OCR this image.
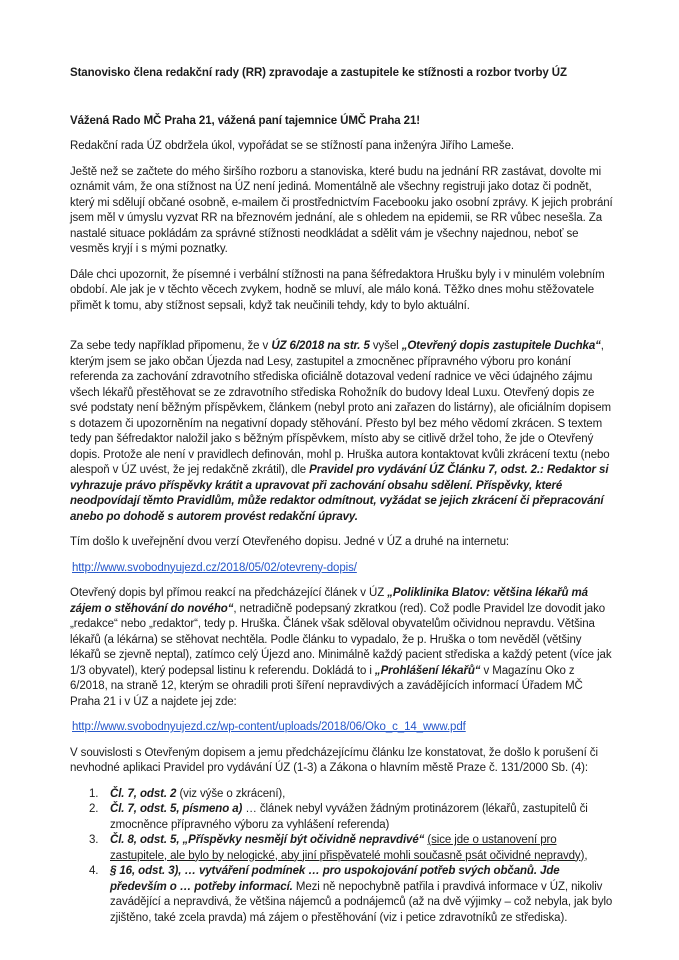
Stanovisko člena redakční rady (RR) zpravodaje a zastupitele ke stížnosti a rozbor tvorby ÚZ

Vážená Rado MČ Praha 21, vážená paní tajemnice ÚMČ Praha 21!

Redakční rada ÚZ obdržela úkol, vypořádat se se stížností pana inženýra Jiřího Lameše.

Ještě než se začtete do mého širšího rozboru a stanoviska, které budu na jednání RR zastávat, dovolte mi oznámit vám, že ona stížnost na ÚZ není jediná. Momentálně ale všechny registruji jako dotaz či podnět, který mi sdělují občané osobně, e-mailem či prostřednictvím Facebooku jako osobní zprávy. K jejich probrání jsem měl v úmyslu vyzvat RR na březnovém jednání, ale s ohledem na epidemii, se RR vůbec nesešla. Za nastalé situace pokládám za správné stížnosti neodkládat a sdělit vám je všechny najednou, neboť se vesměs kryjí i s mými poznatky.

Dále chci upozornit, že písemné i verbální stížnosti na pana šéfredaktora Hrušku byly i v minulém volebním období. Ale jak je v těchto věcech zvykem, hodně se mluví, ale málo koná. Těžko dnes mohu stěžovatele přimět k tomu, aby stížnost sepsali, když tak neučinili tehdy, kdy to bylo aktuální.

Za sebe tedy například připomenu, že v ÚZ 6/2018 na str. 5 vyšel „Otevřený dopis zastupitele Duchka“, kterým jsem se jako občan Újezda nad Lesy, zastupitel a zmocněnec přípravného výboru pro konání referenda za zachování zdravotního střediska oficiálně dotazoval vedení radnice ve věci údajného zájmu všech lékařů přestěhovat se ze zdravotního střediska Rohožník do budovy Ideal Luxu. Otevřený dopis ze své podstaty není běžným příspěvkem, článkem (nebyl proto ani zařazen do listárny), ale oficiálním dopisem s dotazem či upozorněním na negativní dopady stěhování. Přesto byl bez mého vědomí zkrácen. S textem tedy pan šéfredaktor naložil jako s běžným příspěvkem, místo aby se citlivě držel toho, že jde o Otevřený dopis. Protože ale není v pravidlech definován, mohl p. Hruška autora kontaktovat kvůli zkrácení textu (nebo alespoň v ÚZ uvést, že jej redakčně zkrátil), dle Pravidel pro vydávání ÚZ Článku 7, odst. 2.: Redaktor si vyhrazuje právo příspěvky krátit a upravovat při zachování obsahu sdělení. Příspěvky, které neodpovídají těmto Pravidlům, může redaktor odmítnout, vyžádat se jejich zkrácení či přepracování anebo po dohodě s autorem provést redakční úpravy.

Tím došlo k uveřejnění dvou verzí Otevřeného dopisu. Jedné v ÚZ a druhé na internetu:

http://www.svobodnyujezd.cz/2018/05/02/otevreny-dopis/

Otevřený dopis byl přímou reakcí na předcházející článek v ÚZ „Poliklinika Blatov: většina lékařů má zájem o stěhování do nového“, netradičně podepsaný zkratkou (red). Což podle Pravidel lze dovodit jako „redakce“ nebo „redaktor“, tedy p. Hruška. Článek však sděloval obyvatelům očividnou nepravdu. Většina lékařů (a lékárna) se stěhovat nechtěla. Podle článku to vypadalo, že p. Hruška o tom nevěděl (většiny lékařů se zjevně neptal), zatímco celý Újezd ano. Minimálně každý pacient střediska a každý petent (více jak 1/3 obyvatel), který podepsal listinu k referendu. Dokládá to i „Prohlášení lékařů“ v Magazínu Oko z 6/2018, na straně 12, kterým se ohradili proti šíření nepravdivých a zavádějících informací Úřadem MČ Praha 21 i v ÚZ a najdete jej zde:

http://www.svobodnyujezd.cz/wp-content/uploads/2018/06/Oko_c_14_www.pdf

V souvislosti s Otevřeným dopisem a jemu předcházejícímu článku lze konstatovat, že došlo k porušení či nevhodné aplikaci Pravidel pro vydávání ÚZ (1-3) a Zákona o hlavním městě Praze č. 131/2000 Sb. (4):

1. Čl. 7, odst. 2 (viz výše o zkrácení),
2. Čl. 7, odst. 5, písmeno a) … článek nebyl vyvážen žádným protinázorem (lékařů, zastupitelů či zmocněnce přípravného výboru za vyhlášení referenda)
3. Čl. 8, odst. 5, „Příspěvky nesmějí být očividně nepravdivé“ (sice jde o ustanovení pro zastupitele, ale bylo by nelogické, aby jiní přispěvatelé mohli současně psát očividné nepravdy),
4. § 16, odst. 3), … vytváření podmínek … pro uspokojování potřeb svých občanů. Jde především o … potřeby informací. Mezi ně nepochybně patřila i pravdivá informace v ÚZ, nikoliv zavádějící a nepravdivá, že většina nájemců a podnájemců (až na dvě výjimky – což nebyla, jak bylo zjištěno, také zcela pravda) má zájem o přestěhování (viz i petice zdravotníků ze střediska).
